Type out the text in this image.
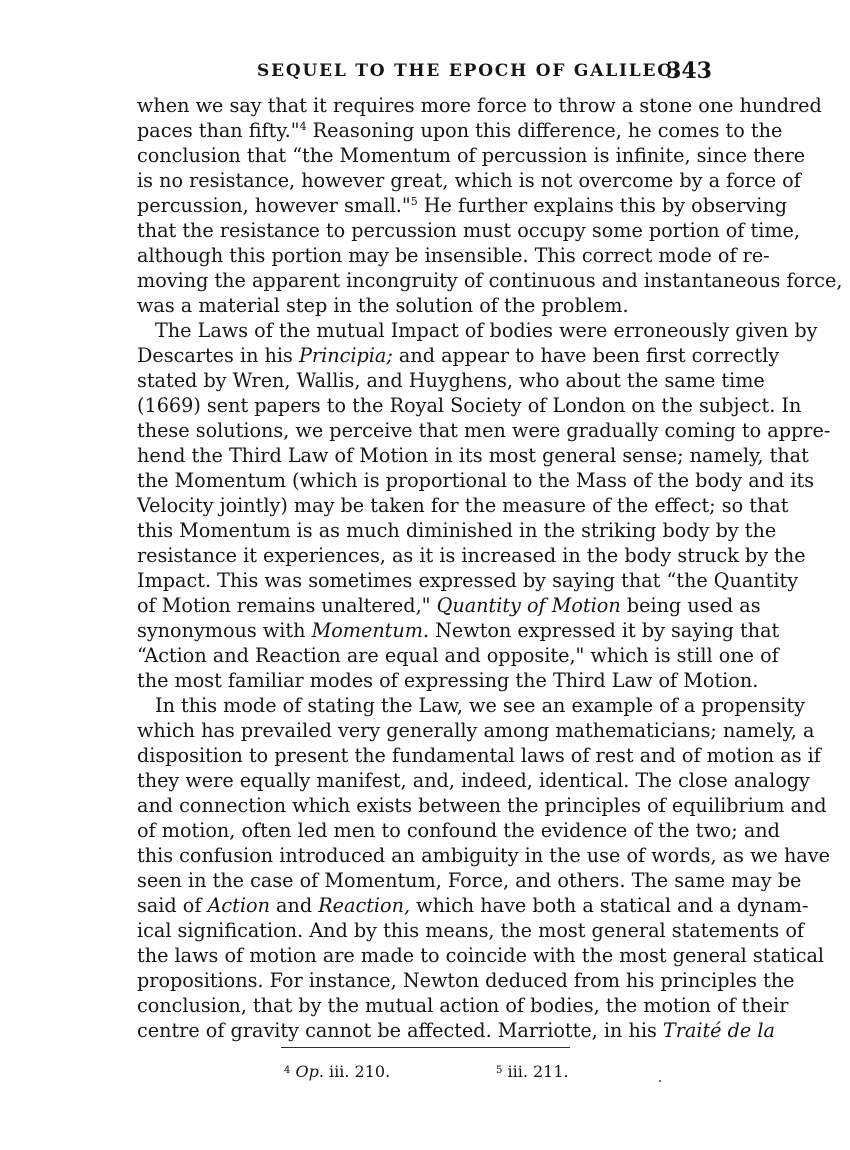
SEQUEL TO THE EPOCH OF GALILEO.
343
when we say that it requires more force to throw a stone one hundred
paces than fifty."$^4$ Reasoning upon this difference, he comes to the
conclusion that “the Momentum of percussion is infinite, since there
is no resistance, however great, which is not overcome by a force of
percussion, however small."$^5$ He further explains this by observing
that the resistance to percussion must occupy some portion of time,
although this portion may be insensible. This correct mode of re-
moving the apparent incongruity of continuous and instantaneous force,
was a material step in the solution of the problem.
The Laws of the mutual Impact of bodies were erroneously given by
Descartes in his Principia; and appear to have been first correctly
stated by Wren, Wallis, and Huyghens, who about the same time
(1669) sent papers to the Royal Society of London on the subject. In
these solutions, we perceive that men were gradually coming to appre-
hend the Third Law of Motion in its most general sense; namely, that
the Momentum (which is proportional to the Mass of the body and its
Velocity jointly) may be taken for the measure of the effect; so that
this Momentum is as much diminished in the striking body by the
resistance it experiences, as it is increased in the body struck by the
Impact. This was sometimes expressed by saying that “the Quantity
of Motion remains unaltered," Quantity of Motion being used as
synonymous with Momentum. Newton expressed it by saying that
“Action and Reaction are equal and opposite," which is still one of
the most familiar modes of expressing the Third Law of Motion.
In this mode of stating the Law, we see an example of a propensity
which has prevailed very generally among mathematicians; namely, a
disposition to present the fundamental laws of rest and of motion as if
they were equally manifest, and, indeed, identical. The close analogy
and connection which exists between the principles of equilibrium and
of motion, often led men to confound the evidence of the two; and
this confusion introduced an ambiguity in the use of words, as we have
seen in the case of Momentum, Force, and others. The same may be
said of Action and Reaction, which have both a statical and a dynam-
ical signification. And by this means, the most general statements of
the laws of motion are made to coincide with the most general statical
propositions. For instance, Newton deduced from his principles the
conclusion, that by the mutual action of bodies, the motion of their
centre of gravity cannot be affected. Marriotte, in his Traité de la
$^4$ Op. iii. 210.	$^5$ iii. 211.
